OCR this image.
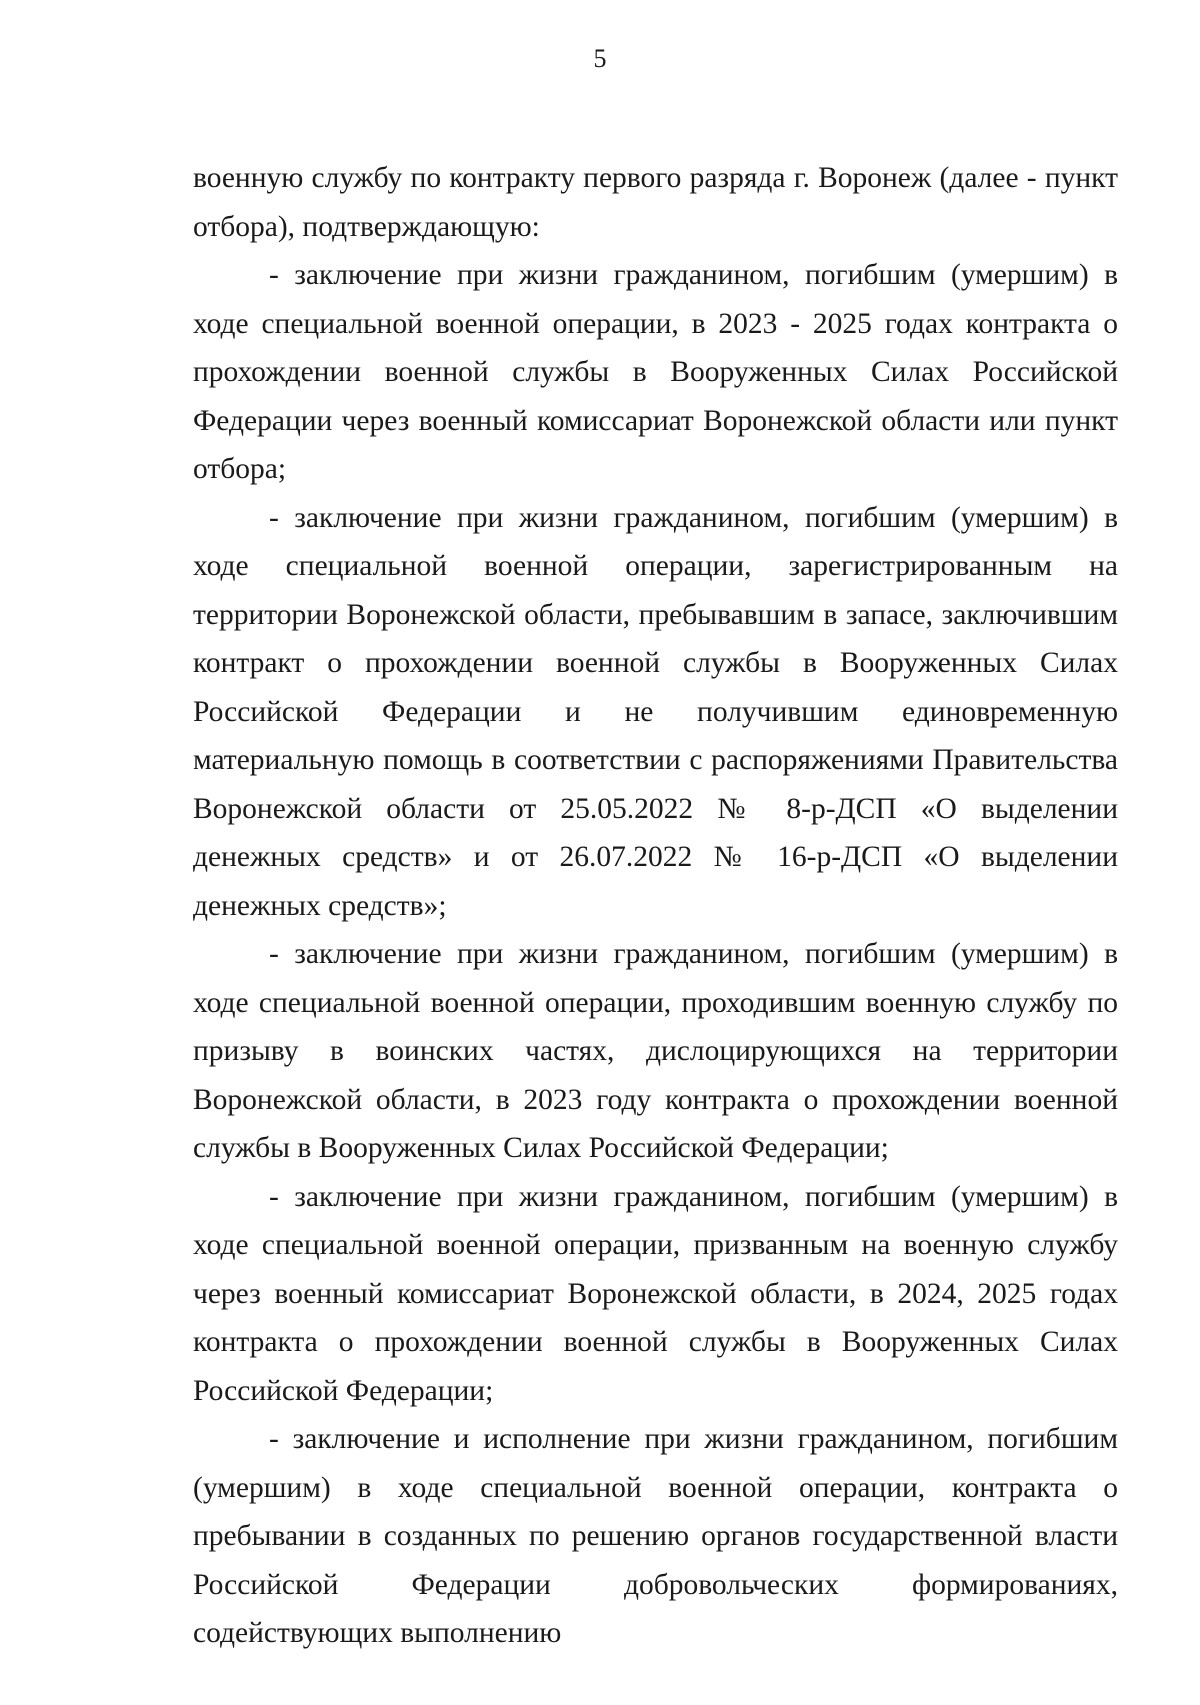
5

военную службу по контракту первого разряда г. Воронеж (далее - пункт отбора), подтверждающую:

- заключение при жизни гражданином, погибшим (умершим) в ходе специальной военной операции, в 2023 - 2025 годах контракта о прохождении военной службы в Вооруженных Силах Российской Федерации через военный комиссариат Воронежской области или пункт отбора;

- заключение при жизни гражданином, погибшим (умершим) в ходе специальной военной операции, зарегистрированным на территории Воронежской области, пребывавшим в запасе, заключившим контракт о прохождении военной службы в Вооруженных Силах Российской Федерации и не получившим единовременную материальную помощь в соответствии с распоряжениями Правительства Воронежской области от 25.05.2022 № 8-р-ДСП «О выделении денежных средств» и от 26.07.2022 № 16-р-ДСП «О выделении денежных средств»;

- заключение при жизни гражданином, погибшим (умершим) в ходе специальной военной операции, проходившим военную службу по призыву в воинских частях, дислоцирующихся на территории Воронежской области, в 2023 году контракта о прохождении военной службы в Вооруженных Силах Российской Федерации;

- заключение при жизни гражданином, погибшим (умершим) в ходе специальной военной операции, призванным на военную службу через военный комиссариат Воронежской области, в 2024, 2025 годах контракта о прохождении военной службы в Вооруженных Силах Российской Федерации;

- заключение и исполнение при жизни гражданином, погибшим (умершим) в ходе специальной военной операции, контракта о пребывании в созданных по решению органов государственной власти Российской Федерации добровольческих формированиях, содействующих выполнению
